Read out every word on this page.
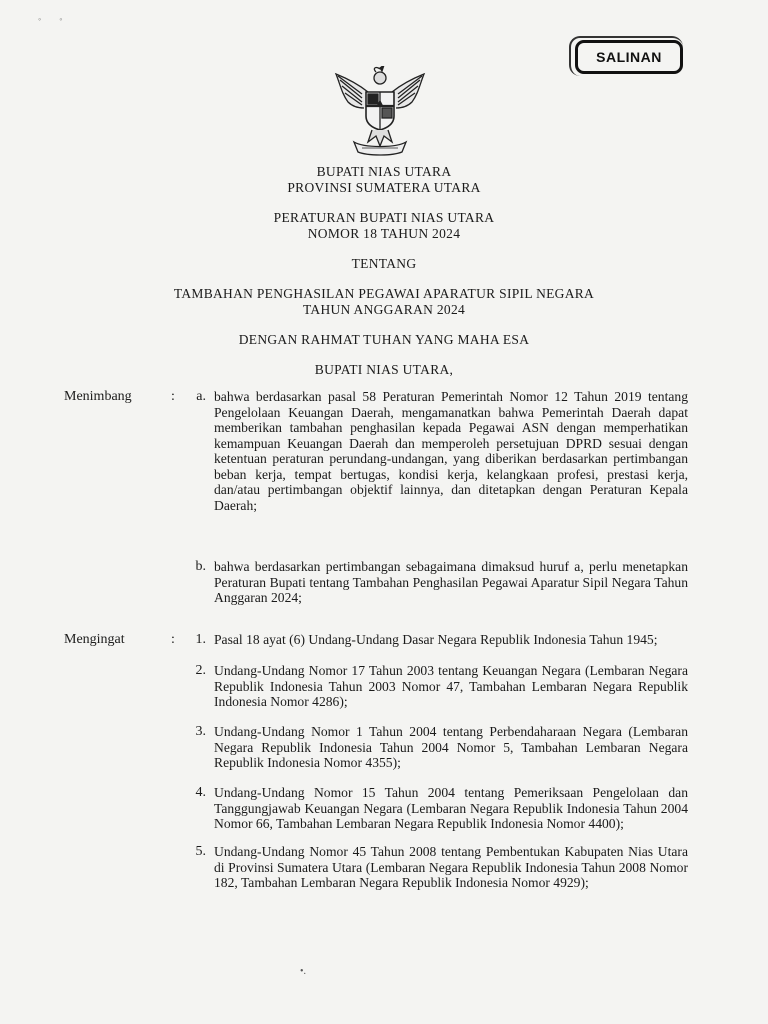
◦        ◦
SALINAN
BUPATI NIAS UTARA
PROVINSI SUMATERA UTARA
PERATURAN BUPATI NIAS UTARA
NOMOR 18 TAHUN 2024
TENTANG
TAMBAHAN PENGHASILAN PEGAWAI APARATUR SIPIL NEGARA
TAHUN ANGGARAN 2024
DENGAN RAHMAT TUHAN YANG MAHA ESA
BUPATI NIAS UTARA,
Menimbang	:	a. bahwa berdasarkan pasal 58 Peraturan Pemerintah Nomor 12 Tahun 2019 tentang Pengelolaan Keuangan Daerah, mengamanatkan bahwa Pemerintah Daerah dapat memberikan tambahan penghasilan kepada Pegawai ASN dengan memperhatikan kemampuan Keuangan Daerah dan memperoleh persetujuan DPRD sesuai dengan ketentuan peraturan perundang-undangan, yang diberikan berdasarkan pertimbangan beban kerja, tempat bertugas, kondisi kerja, kelangkaan profesi, prestasi kerja, dan/atau pertimbangan objektif lainnya, dan ditetapkan dengan Peraturan Kepala Daerah;
b. bahwa berdasarkan pertimbangan sebagaimana dimaksud huruf a, perlu menetapkan Peraturan Bupati tentang Tambahan Penghasilan Pegawai Aparatur Sipil Negara Tahun Anggaran 2024;
Mengingat	:	1. Pasal 18 ayat (6) Undang-Undang Dasar Negara Republik Indonesia Tahun 1945;
2. Undang-Undang Nomor 17 Tahun 2003 tentang Keuangan Negara (Lembaran Negara Republik Indonesia Tahun 2003 Nomor 47, Tambahan Lembaran Negara Republik Indonesia Nomor 4286);
3. Undang-Undang Nomor 1 Tahun 2004 tentang Perbendaharaan Negara (Lembaran Negara Republik Indonesia Tahun 2004 Nomor 5, Tambahan Lembaran Negara Republik Indonesia Nomor 4355);
4. Undang-Undang Nomor 15 Tahun 2004 tentang Pemeriksaan Pengelolaan dan Tanggungjawab Keuangan Negara (Lembaran Negara Republik Indonesia Tahun 2004 Nomor 66, Tambahan Lembaran Negara Republik Indonesia Nomor 4400);
5. Undang-Undang Nomor 45 Tahun 2008 tentang Pembentukan Kabupaten Nias Utara di Provinsi Sumatera Utara (Lembaran Negara Republik Indonesia Tahun 2008 Nomor 182, Tambahan Lembaran Negara Republik Indonesia Nomor 4929);
•.
